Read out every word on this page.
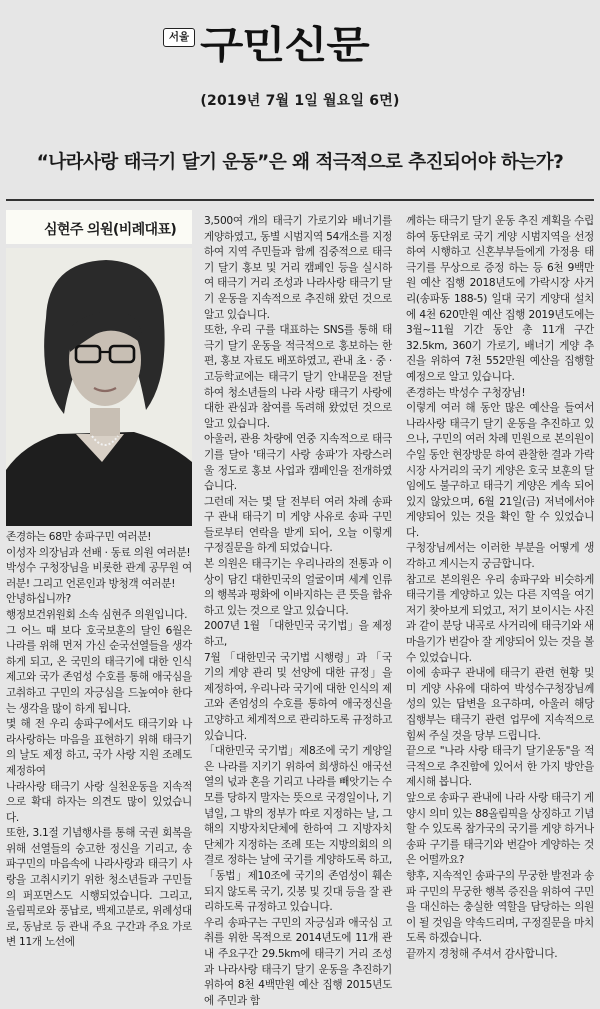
서울 구민신문
(2019년 7월 1일 월요일 6면)
“나라사랑 태극기 달기 운동”은 왜 적극적으로 추진되어야 하는가?
심현주 의원(비례대표)

존경하는 68만 송파구민 여러분!

이성자 의장님과 선배 · 동료 의원 여러분!

박성수 구청장님을 비롯한 관계 공무원 여러분! 그리고 언론인과 방청객 여러분!

안녕하십니까?

행정보건위원회 소속 심현주 의원입니다.

그 어느 때 보다 호국보훈의 달인 6월은 나라를 위해 먼저 가신 순국선열들을 생각하게 되고, 온 국민의 태극기에 대한 인식 제고와 국가 존엄성 수호를 통해 애국심을 고취하고 구민의 자긍심을 드높여야 한다는 생각을 많이 하게 됩니다.

몇 해 전 우리 송파구에서도 태극기와 나라사랑하는 마음을 표현하기 위해 태극기의 날도 제정 하고, 국가 사랑 지원 조례도 제정하여

나라사랑 태극기 사랑 실천운동을 지속적으로 확대 하자는 의견도 많이 있었습니다.

또한, 3.1절 기념행사를 통해 국권 회복을 위해 선열들의 숭고한 정신을 기리고, 송파구민의 마음속에 나라사랑과 태극기 사랑을 고취시키기 위한 청소년들과 구민들의 퍼포먼스도 시행되었습니다. 그리고, 올림픽로와 풍납로, 백제고분로, 위례성대로, 동남로 등 관내 주요 구간과 주요 가로변 11개 노선에

3,500여 개의 태극기 가로기와 배너기를 게양하였고, 동별 시범지역 54개소를 지정하여 지역 주민들과 함께 집중적으로 태극기 달기 홍보 및 거리 캠페인 등을 실시하여 태극기 거리 조성과 나라사랑 태극기 달기 운동을 지속적으로 추진해 왔던 것으로 알고 있습니다.

또한, 우리 구를 대표하는 SNS를 통해 태극기 달기 운동을 적극적으로 홍보하는 한편, 홍보 자료도 배포하였고, 관내 초 · 중 · 고등학교에는 태극기 달기 안내문을 전달하여 청소년들의 나라 사랑 태극기 사랑에 대한 관심과 참여를 독려해 왔었던 것으로 알고 있습니다.

아울러, 관용 차량에 연중 지속적으로 태극기를 달아 '태극기 사랑 송파'가 자랑스러울 정도로 홍보 사업과 캠페인을 전개하였습니다.

그런데 저는 몇 달 전부터 여러 차례 송파구 관내 태극기 미 게양 사유로 송파 구민들로부터 연락을 받게 되어, 오늘 이렇게 구정질문을 하게 되었습니다.

본 의원은 태극기는 우리나라의 전통과 이상이 담긴 대한민국의 얼굴이며 세계 인류의 행복과 평화에 이바지하는 큰 뜻을 함유하고 있는 것으로 알고 있습니다.

2007년 1월 「대한민국 국기법」을 제정하고,

7월 「대한민국 국기법 시행령」과 「국기의 게양 관리 및 선양에 대한 규정」을 제정하여, 우리나라 국기에 대한 인식의 제고와 존엄성의 수호를 통하여 애국정신을 고양하고 체계적으로 관리하도록 규정하고 있습니다.

「대한민국 국기법」제8조에 국기 게양일은 나라를 지키기 위하여 희생하신 애국선열의 넋과 혼을 기리고 나라를 빼앗기는 수모를 당하지 말자는 뜻으로 국경일이나, 기념일, 그 밖의 정부가 따로 지정하는 날, 그해의 지방자치단체에 한하여 그 지방자치단체가 지정하는 조례 또는 지방의회의 의결로 정하는 날에 국기를 게양하도록 하고, 「동법」제10조에 국기의 존엄성이 훼손되지 않도록 국기, 깃봉 및 깃대 등을 잘 관리하도록 규정하고 있습니다.

우리 송파구는 구민의 자긍심과 애국심 고취를 위한 목적으로 2014년도에 11개 관내 주요구간 29.5km에 태극기 거리 조성과 나라사랑 태극기 달기 운동을 추진하기 위하여 8천 4백만원 예산 집행 2015년도에 주민과 함

께하는 태극기 달기 운동 추진 계획을 수립하여 동단위로 국기 게양 시범지역을 선정하여 시행하고 신혼부부들에게 가정용 태극기를 무상으로 증정 하는 등 6천 9백만원 예산 집행 2018년도에 가락시장 사거리(송파동 188-5) 일대 국기 게양대 설치에 4천 620만원 예산 집행 2019년도에는 3월~11월 기간 동안 총 11개 구간 32.5km, 360기 가로기, 배너기 게양 추진을 위하여 7천 552만원 예산을 집행할 예정으로 알고 있습니다.

존경하는 박성수 구청장님!

이렇게 여러 해 동안 많은 예산을 들여서 나라사랑 태극기 달기 운동을 추진하고 있으나, 구민의 여러 차례 민원으로 본의원이 수일 동안 현장방문 하여 관찰한 결과 가락시장 사거리의 국기 게양은 호국 보훈의 달임에도 불구하고 태극기 게양은 게속 되어있지 않았으며, 6월 21일(금) 저녁에서야 게양되어 있는 것을 확인 할 수 있었습니다.

구청장님께서는 이러한 부분을 어떻게 생각하고 계시는지 궁금합니다.

참고로 본의원은 우리 송파구와 비슷하게 태극기를 게양하고 있는 다른 지역을 여기 저기 찾아보게 되었고, 저기 보이시는 사진과 같이 분당 내곡로 사거리에 태극기와 새마을기가 번갈아 잘 게양되어 있는 것을 볼 수 있었습니다.

이에 송파구 관내에 태극기 관련 현황 및 미 게양 사유에 대하여 박성수구청장님께 성의 있는 답변을 요구하며, 아울러 해당 집행부는 태극기 관련 업무에 지속적으로 힘써 주실 것을 당부 드립니다.

끝으로 "나라 사랑 태극기 달기운동"을 적극적으로 추진함에 있어서 한 가지 방안을 제시해 봅니다.

앞으로 송파구 관내에 나라 사랑 태극기 게양시 의미 있는 88올림픽을 상징하고 기념할 수 있도록 참가국의 국기를 게양 하거나 송파 구기를 태극기와 번갈아 게양하는 것은 어떨까요?

향후, 지속적인 송파구의 무궁한 발전과 송파 구민의 무궁한 행복 증진을 위하여 구민을 대신하는 충실한 역할을 담당하는 의원이 될 것임을 약속드리며, 구정질문을 마치도록 하겠습니다.

끝까지 경청해 주셔서 감사합니다.
